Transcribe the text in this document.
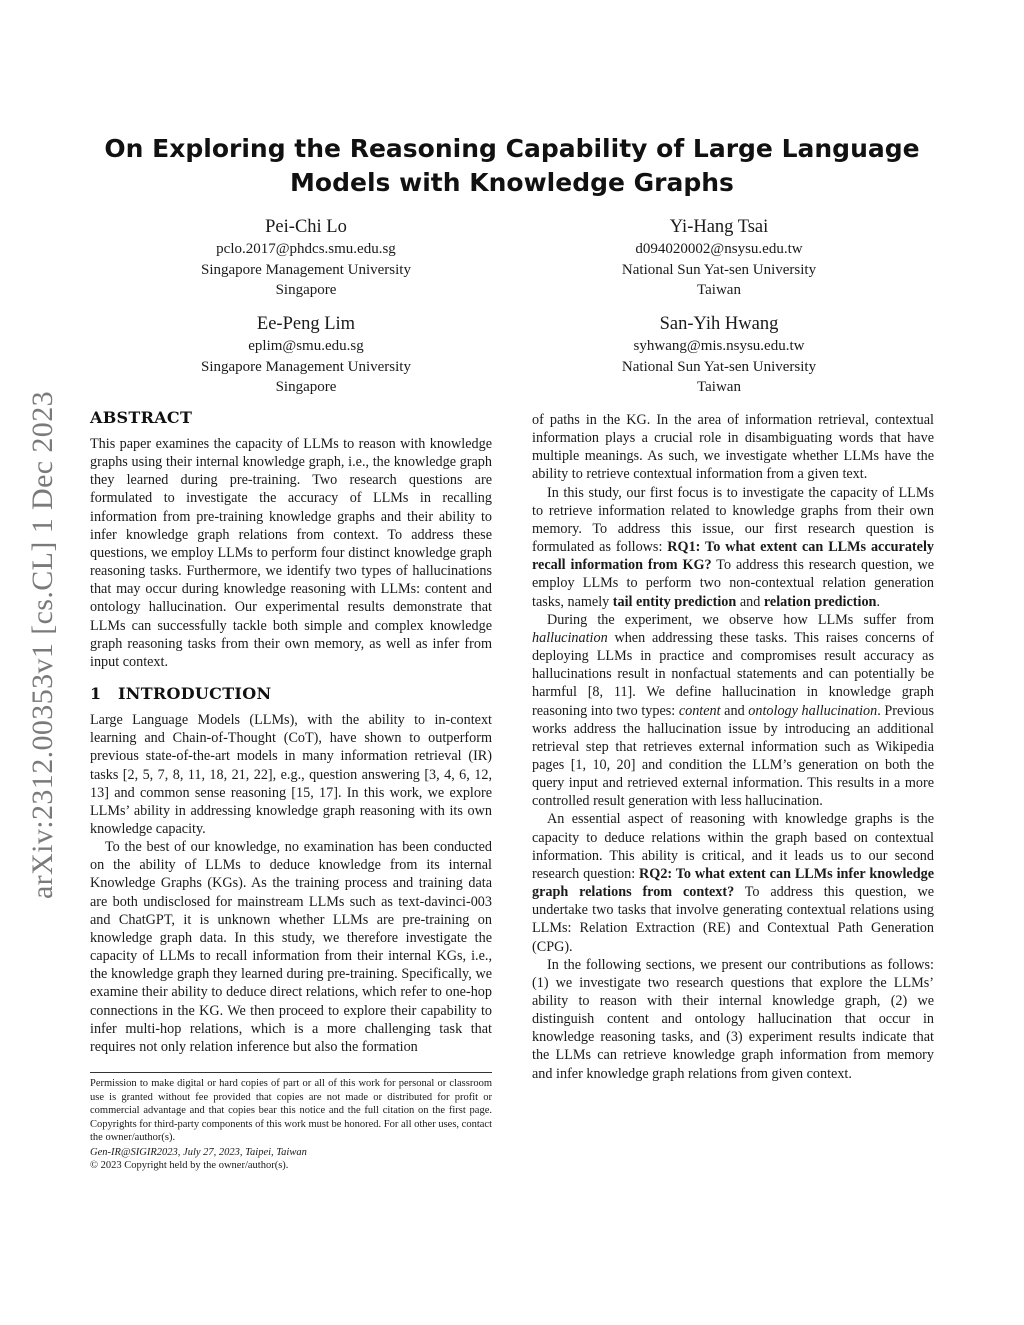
arXiv:2312.00353v1 [cs.CL] 1 Dec 2023
On Exploring the Reasoning Capability of Large Language
Models with Knowledge Graphs
Pei-Chi Lo
pclo.2017@phdcs.smu.edu.sg
Singapore Management University
Singapore
Yi-Hang Tsai
d094020002@nsysu.edu.tw
National Sun Yat-sen University
Taiwan
Ee-Peng Lim
eplim@smu.edu.sg
Singapore Management University
Singapore
San-Yih Hwang
syhwang@mis.nsysu.edu.tw
National Sun Yat-sen University
Taiwan
ABSTRACT

This paper examines the capacity of LLMs to reason with knowledge graphs using their internal knowledge graph, i.e., the knowledge graph they learned during pre-training. Two research questions are formulated to investigate the accuracy of LLMs in recalling information from pre-training knowledge graphs and their ability to infer knowledge graph relations from context. To address these questions, we employ LLMs to perform four distinct knowledge graph reasoning tasks. Furthermore, we identify two types of hallucinations that may occur during knowledge reasoning with LLMs: content and ontology hallucination. Our experimental results demonstrate that LLMs can successfully tackle both simple and complex knowledge graph reasoning tasks from their own memory, as well as infer from input context.

1 INTRODUCTION

Large Language Models (LLMs), with the ability to in-context learning and Chain-of-Thought (CoT), have shown to outperform previous state-of-the-art models in many information retrieval (IR) tasks [2, 5, 7, 8, 11, 18, 21, 22], e.g., question answering [3, 4, 6, 12, 13] and common sense reasoning [15, 17]. In this work, we explore LLMs’ ability in addressing knowledge graph reasoning with its own knowledge capacity.

To the best of our knowledge, no examination has been conducted on the ability of LLMs to deduce knowledge from its internal Knowledge Graphs (KGs). As the training process and training data are both undisclosed for mainstream LLMs such as text-davinci-003 and ChatGPT, it is unknown whether LLMs are pre-training on knowledge graph data. In this study, we therefore investigate the capacity of LLMs to recall information from their internal KGs, i.e., the knowledge graph they learned during pre-training. Specifically, we examine their ability to deduce direct relations, which refer to one-hop connections in the KG. We then proceed to explore their capability to infer multi-hop relations, which is a more challenging task that requires not only relation inference but also the formation

of paths in the KG. In the area of information retrieval, contextual information plays a crucial role in disambiguating words that have multiple meanings. As such, we investigate whether LLMs have the ability to retrieve contextual information from a given text.

In this study, our first focus is to investigate the capacity of LLMs to retrieve information related to knowledge graphs from their own memory. To address this issue, our first research question is formulated as follows: RQ1: To what extent can LLMs accurately recall information from KG? To address this research question, we employ LLMs to perform two non-contextual relation generation tasks, namely tail entity prediction and relation prediction.

During the experiment, we observe how LLMs suffer from hallucination when addressing these tasks. This raises concerns of deploying LLMs in practice and compromises result accuracy as hallucinations result in nonfactual statements and can potentially be harmful [8, 11]. We define hallucination in knowledge graph reasoning into two types: content and ontology hallucination. Previous works address the hallucination issue by introducing an additional retrieval step that retrieves external information such as Wikipedia pages [1, 10, 20] and condition the LLM’s generation on both the query input and retrieved external information. This results in a more controlled result generation with less hallucination.

An essential aspect of reasoning with knowledge graphs is the capacity to deduce relations within the graph based on contextual information. This ability is critical, and it leads us to our second research question: RQ2: To what extent can LLMs infer knowledge graph relations from context? To address this question, we undertake two tasks that involve generating contextual relations using LLMs: Relation Extraction (RE) and Contextual Path Generation (CPG).

In the following sections, we present our contributions as follows: (1) we investigate two research questions that explore the LLMs’ ability to reason with their internal knowledge graph, (2) we distinguish content and ontology hallucination that occur in knowledge reasoning tasks, and (3) experiment results indicate that the LLMs can retrieve knowledge graph information from memory and infer knowledge graph relations from given context.

Permission to make digital or hard copies of part or all of this work for personal or classroom use is granted without fee provided that copies are not made or distributed for profit or commercial advantage and that copies bear this notice and the full citation on the first page. Copyrights for third-party components of this work must be honored. For all other uses, contact the owner/author(s).

Gen-IR@SIGIR2023, July 27, 2023, Taipei, Taiwan

© 2023 Copyright held by the owner/author(s).
